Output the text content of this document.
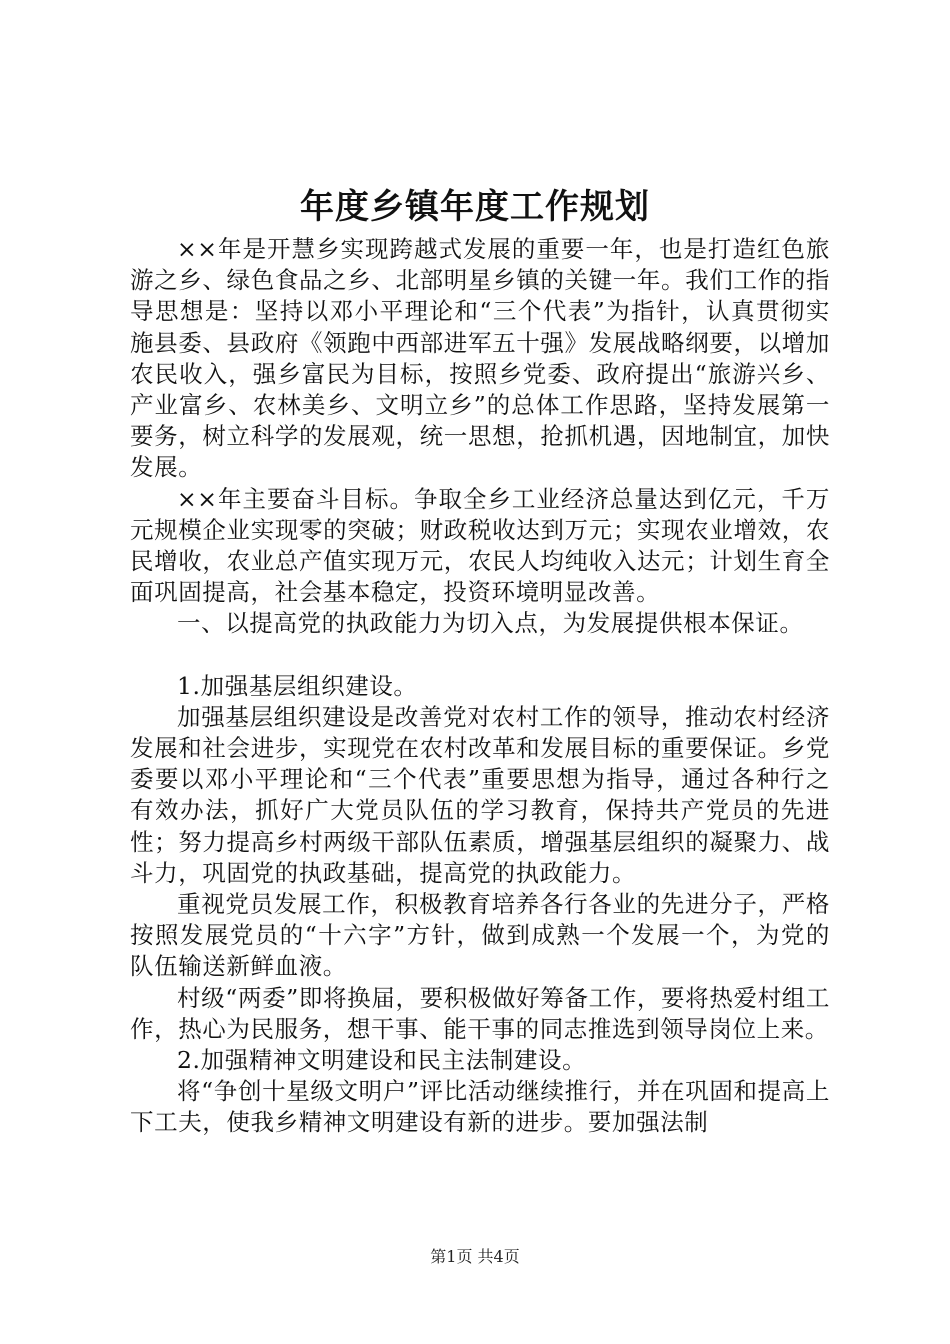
年度乡镇年度工作规划

××年是开慧乡实现跨越式发展的重要一年，也是打造红色旅游之乡、绿色食品之乡、北部明星乡镇的关键一年。我们工作的指导思想是：坚持以邓小平理论和“三个代表”为指针，认真贯彻实施县委、县政府《领跑中西部进军五十强》发展战略纲要，以增加农民收入，强乡富民为目标，按照乡党委、政府提出“旅游兴乡、产业富乡、农林美乡、文明立乡”的总体工作思路，坚持发展第一要务，树立科学的发展观，统一思想，抢抓机遇，因地制宜，加快发展。

××年主要奋斗目标。争取全乡工业经济总量达到亿元，千万元规模企业实现零的突破；财政税收达到万元；实现农业增效，农民增收，农业总产值实现万元，农民人均纯收入达元；计划生育全面巩固提高，社会基本稳定，投资环境明显改善。

一、以提高党的执政能力为切入点，为发展提供根本保证。

1.加强基层组织建设。

加强基层组织建设是改善党对农村工作的领导，推动农村经济发展和社会进步，实现党在农村改革和发展目标的重要保证。乡党委要以邓小平理论和“三个代表”重要思想为指导，通过各种行之有效办法，抓好广大党员队伍的学习教育，保持共产党员的先进性；努力提高乡村两级干部队伍素质，增强基层组织的凝聚力、战斗力，巩固党的执政基础，提高党的执政能力。

重视党员发展工作，积极教育培养各行各业的先进分子，严格按照发展党员的“十六字”方针，做到成熟一个发展一个，为党的队伍输送新鲜血液。

村级“两委”即将换届，要积极做好筹备工作，要将热爱村组工作，热心为民服务，想干事、能干事的同志推选到领导岗位上来。

2.加强精神文明建设和民主法制建设。

将“争创十星级文明户”评比活动继续推行，并在巩固和提高上下工夫，使我乡精神文明建设有新的进步。要加强法制

第1页 共4页
